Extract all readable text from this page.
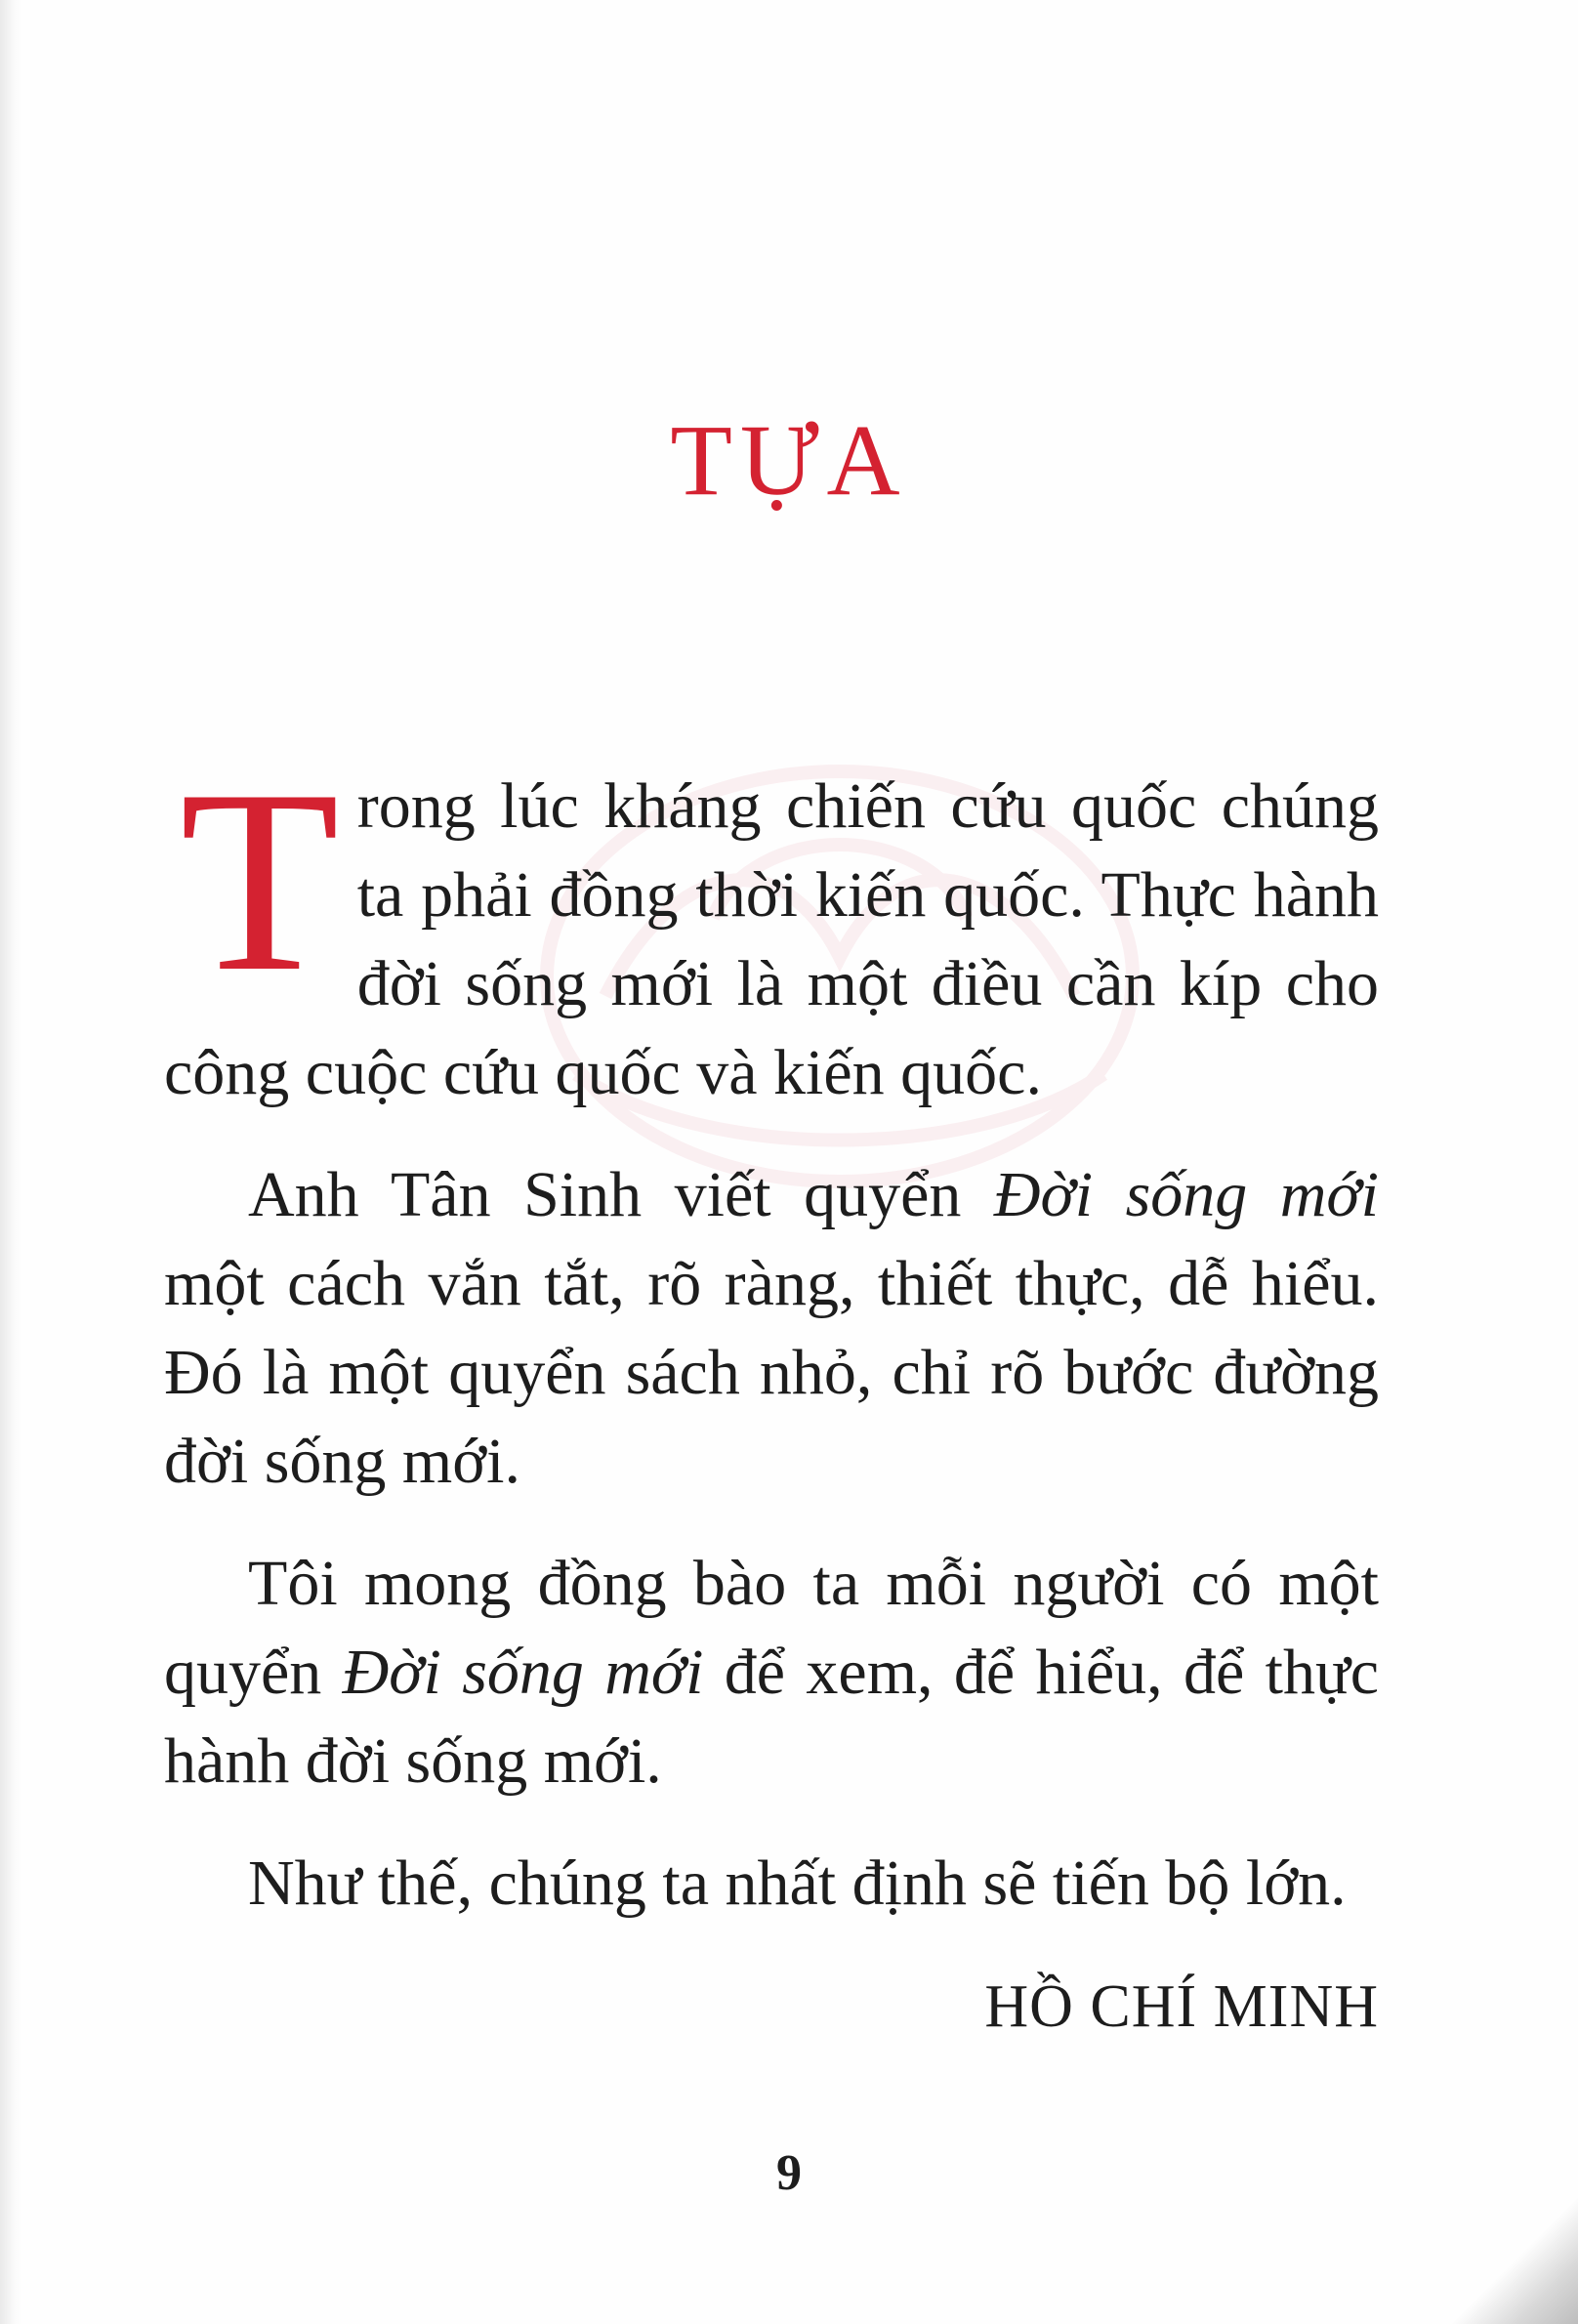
TỰA

Trong lúc kháng chiến cứu quốc chúng ta phải đồng thời kiến quốc. Thực hành đời sống mới là một điều cần kíp cho công cuộc cứu quốc và kiến quốc.

Anh Tân Sinh viết quyển Đời sống mới một cách vắn tắt, rõ ràng, thiết thực, dễ hiểu. Đó là một quyển sách nhỏ, chỉ rõ bước đường đời sống mới.

Tôi mong đồng bào ta mỗi người có một quyển Đời sống mới để xem, để hiểu, để thực hành đời sống mới.

Như thế, chúng ta nhất định sẽ tiến bộ lớn.

HỒ CHÍ MINH
9
